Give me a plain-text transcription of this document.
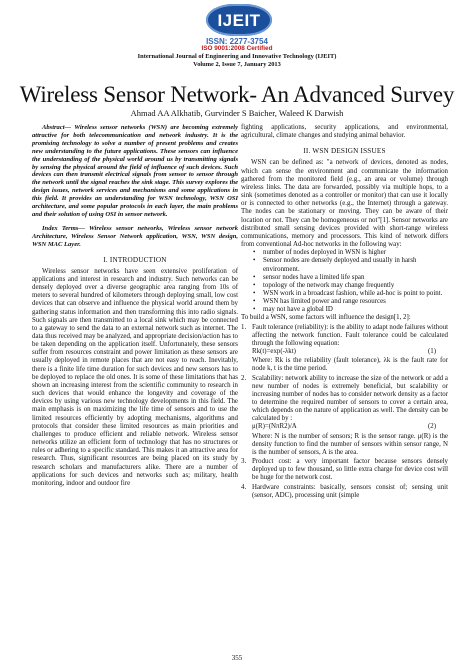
IJEIT
ISSN: 2277-3754
ISO 9001:2008 Certified
International Journal of Engineering and Innovative Technology (IJEIT)
Volume 2, Issue 7, January 2013
Wireless Sensor Network- An Advanced Survey
Ahmad AA Alkhatib, Gurvinder S Baicher, Waleed K Darwish

Abstract— Wireless sensor networks (WSN) are becoming extremely attractive for both telecommunication and network industry. It is the promising technology to solve a number of present problems and creates new understanding to the future applications. These sensors can influence the understanding of the physical world around us by transmitting signals by sensing the physical around the field of influence of such devices. Such devices can then transmit electrical signals from sensor to sensor through the network until the signal reaches the sink stage. This survey explores the design issues, network services and mechanisms and some applications in this field. It provides an understanding for WSN technology, WSN OSI architecture, and some popular protocols in each layer, the main problems and their solution of using OSI in sensor network.

Index Terms— Wireless sensor networks, Wireless sensor network Architecture, Wireless Sensor Network application, WSN, WSN design, WSN MAC Layer.

I. INTRODUCTION

Wireless sensor networks have seen extensive proliferation of applications and interest in research and industry. Such networks can be densely deployed over a diverse geographic area ranging from 10s of meters to several hundred of kilometers through deploying small, low cost devices that can observe and influence the physical world around them by gathering status information and then transforming this into radio signals. Such signals are then transmitted to a local sink which may be connected to a gateway to send the data to an external network such as internet. The data thus received may be analyzed, and appropriate decision/action has to be taken depending on the application itself. Unfortunately, these sensors suffer from resources constraint and power limitation as these sensors are usually deployed in remote places that are not easy to reach. Inevitably, there is a finite life time duration for such devices and new sensors has to be deployed to replace the old ones. It is some of these limitations that has shown an increasing interest from the scientific community to research in such devices that would enhance the longevity and coverage of the devices by using various new technology developments in this field. The main emphasis is on maximizing the life time of sensors and to use the limited resources efficiently by adopting mechanisms, algorithms and protocols that consider these limited resources as main priorities and challenges to produce efficient and reliable network. Wireless sensor networks utilize an efficient form of technology that has no structures or rules or adhering to a specific standard. This makes it an attractive area for research. Thus, significant resources are being placed on its study by research scholars and manufacturers alike. There are a number of applications for such devices and networks such as; military, health monitoring, indoor and outdoor fire

fighting applications, security applications, and environmental, agricultural, climate changes and studying animal behavior.

II. WSN DESIGN ISSUES

WSN can be defined as: "a network of devices, denoted as nodes, which can sense the environment and communicate the information gathered from the monitored field (e.g., an area or volume) through wireless links. The data are forwarded, possibly via multiple hops, to a sink (sometimes denoted as a controller or monitor) that can use it locally or is connected to other networks (e.g., the Internet) through a gateway. The nodes can be stationary or moving. They can be aware of their location or not. They can be homogeneous or not"[1]. Sensor networks are distributed small sensing devices provided with short-range wireless communications, memory and processors. This kind of network differs from conventional Ad-hoc networks in the following way:

• number of nodes deployed in WSN is higher
• Sensor nodes are densely deployed and usually in harsh environment.
• sensor nodes have a limited life span
• topology of the network may change frequently
• WSN work in a broadcast fashion, while ad-hoc is point to point.
• WSN has limited power and range resources
• may not have a global ID

To build a WSN, some factors will influence the design[1, 2]:

1. Fault tolerance (reliability): is the ability to adapt node failures without affecting the network function. Fault tolerance could be calculated through the following equation:
Rk(t)=exp(-λkt)	(1)
Where: Rk is the reliability (fault tolerance), λk is the fault rate for node k, t is the time period.
2. Scalability: network ability to increase the size of the network or add a new number of nodes is extremely beneficial, but scalability or increasing number of nodes has to consider network density as a factor to determine the required number of sensors to cover a certain area, which depends on the nature of application as well. The density can be calculated by :
μ(R)=(NπR2)/A	(2)
Where: N is the number of sensors; R is the sensor range. μ(R) is the density function to find the number of sensors within sensor range, N is the number of sensors, A is the area.
3. Product cost: a very important factor because sensors densely deployed up to few thousand, so little extra charge for device cost will be huge for the network cost.
4. Hardware constraints: basically, sensors consist of; sensing unit (sensor, ADC), processing unit (simple
355
